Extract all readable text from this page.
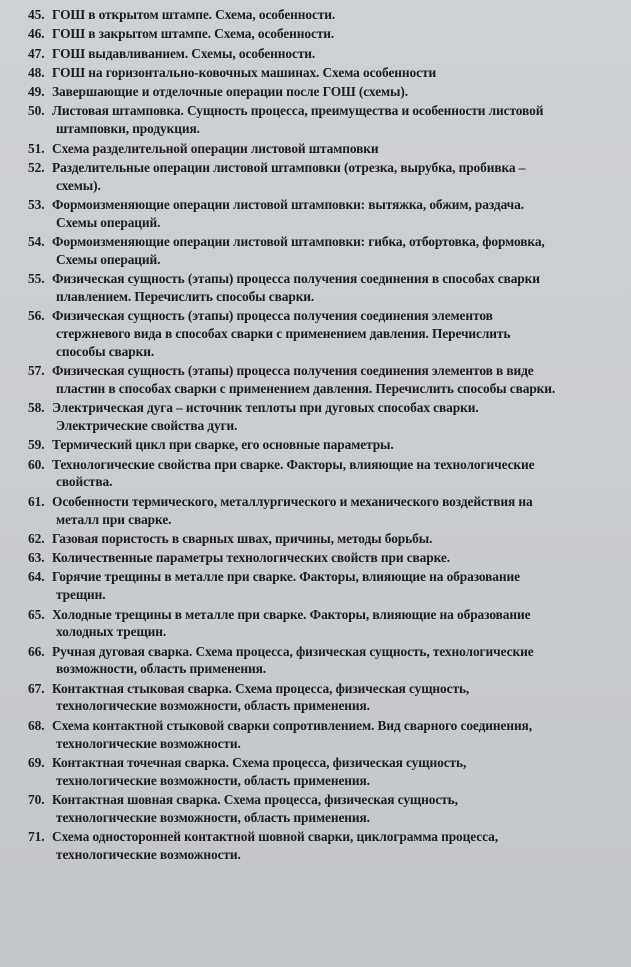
45 . ГОШ в открытом штампе. Схема, особенности.
46 . ГОШ в закрытом штампе. Схема, особенности.
47 . ГОШ выдавливанием. Схемы, особенности.
48 . ГОШ на горизонтально-ковочных машинах. Схема особенности
49 . Завершающие и отделочные операции после ГОШ (схемы).
50 . Листовая штамповка. Сущность процесса, преимущества и особенности листовой

штамповки, продукция.
51 . Схема разделительной операции листовой штамповки
52 . Разделительные операции листовой штамповки (отрезка, вырубка, пробивка –

схемы).
53 . Формоизменяющие операции листовой штамповки: вытяжка, обжим, раздача.

Схемы операций.
54 . Формоизменяющие операции листовой штамповки: гибка, отбортовка, формовка,

Схемы операций.
55 . Физическая сущность (этапы) процесса получения соединения в способах сварки

плавлением. Перечислить способы сварки.
56 . Физическая сущность (этапы) процесса получения соединения элементов

стержневого вида в способах сварки с применением давления. Перечислить
способы сварки.
57 . Физическая сущность (этапы) процесса получения соединения элементов в виде

пластин в способах сварки с применением давления. Перечислить способы сварки.
58 . Электрическая дуга – источник теплоты при дуговых способах сварки.

Электрические свойства дуги.
59 . Термический цикл при сварке, его основные параметры.
60 . Технологические свойства при сварке. Факторы, влияющие на технологические

свойства.
61 . Особенности термического, металлургического и механического воздействия на

металл при сварке.
62 . Газовая пористость в сварных швах, причины, методы борьбы.
63 . Количественные параметры технологических свойств при сварке.
64 . Горячие трещины в металле при сварке. Факторы, влияющие на образование

трещин.
65 . Холодные трещины в металле при сварке. Факторы, влияющие на образование

холодных трещин.
66 . Ручная дуговая сварка. Схема процесса, физическая сущность, технологические

возможности, область применения.
67 . Контактная стыковая сварка. Схема процесса, физическая сущность,

технологические возможности, область применения.
68 . Схема контактной стыковой сварки сопротивлением. Вид сварного соединения,

технологические возможности.
69 . Контактная точечная сварка. Схема процесса, физическая сущность,

технологические возможности, область применения.
70 . Контактная шовная сварка. Схема процесса, физическая сущность,

технологические возможности, область применения.
71 . Схема односторонней контактной шовной сварки, циклограмма процесса,

технологические возможности.
